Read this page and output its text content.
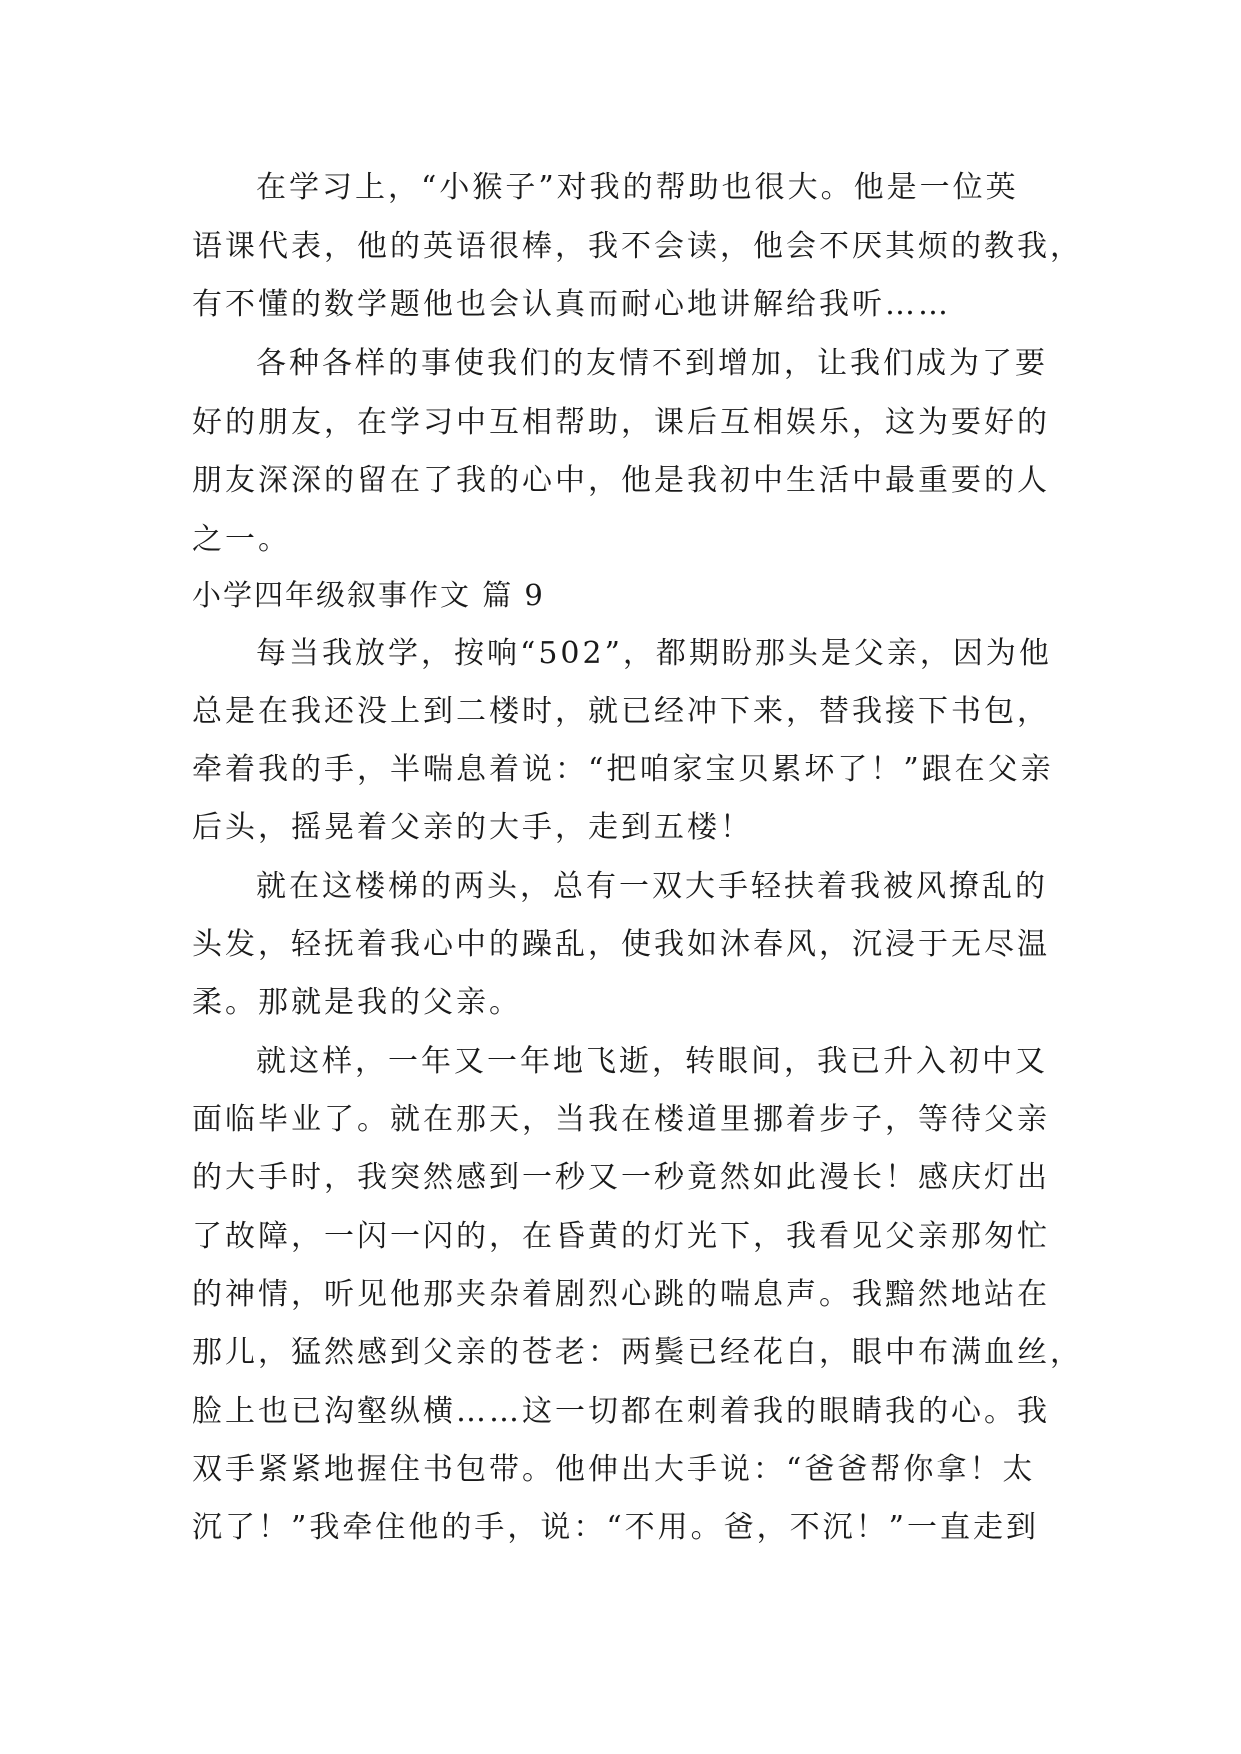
在学习上，“小猴子”对我的帮助也很大。他是一位英

语课代表，他的英语很棒，我不会读，他会不厌其烦的教我，

有不懂的数学题他也会认真而耐心地讲解给我听……

各种各样的事使我们的友情不到增加，让我们成为了要

好的朋友，在学习中互相帮助，课后互相娱乐，这为要好的

朋友深深的留在了我的心中，他是我初中生活中最重要的人

之一。

小学四年级叙事作文 篇 9

每当我放学，按响“502”，都期盼那头是父亲，因为他

总是在我还没上到二楼时，就已经冲下来，替我接下书包，

牵着我的手，半喘息着说：“把咱家宝贝累坏了！”跟在父亲

后头，摇晃着父亲的大手，走到五楼！

就在这楼梯的两头，总有一双大手轻扶着我被风撩乱的

头发，轻抚着我心中的躁乱，使我如沐春风，沉浸于无尽温

柔。那就是我的父亲。

就这样，一年又一年地飞逝，转眼间，我已升入初中又

面临毕业了。就在那天，当我在楼道里挪着步子，等待父亲

的大手时，我突然感到一秒又一秒竟然如此漫长！感庆灯出

了故障，一闪一闪的，在昏黄的灯光下，我看见父亲那匆忙

的神情，听见他那夹杂着剧烈心跳的喘息声。我黯然地站在

那儿，猛然感到父亲的苍老：两鬓已经花白，眼中布满血丝，

脸上也已沟壑纵横……这一切都在刺着我的眼睛我的心。我

双手紧紧地握住书包带。他伸出大手说：“爸爸帮你拿！太

沉了！”我牵住他的手，说：“不用。爸，不沉！”一直走到
